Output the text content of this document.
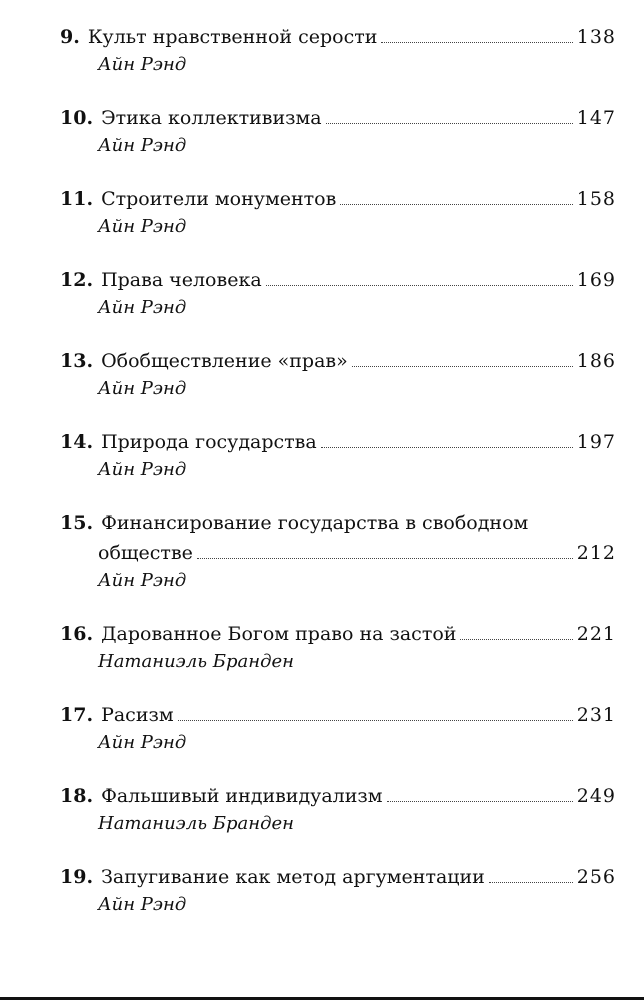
9. Культ нравственной серости	138
Айн Рэнд
10. Этика коллективизма	147
Айн Рэнд
11. Строители монументов	158
Айн Рэнд
12. Права человека	169
Айн Рэнд
13. Обобществление «прав»	186
Айн Рэнд
14. Природа государства	197
Айн Рэнд
15. Финансирование государства в свободном
обществе	212
Айн Рэнд
16. Дарованное Богом право на застой	221
Натаниэль Бранден
17. Расизм	231
Айн Рэнд
18. Фальшивый индивидуализм	249
Натаниэль Бранден
19. Запугивание как метод аргументации	256
Айн Рэнд
